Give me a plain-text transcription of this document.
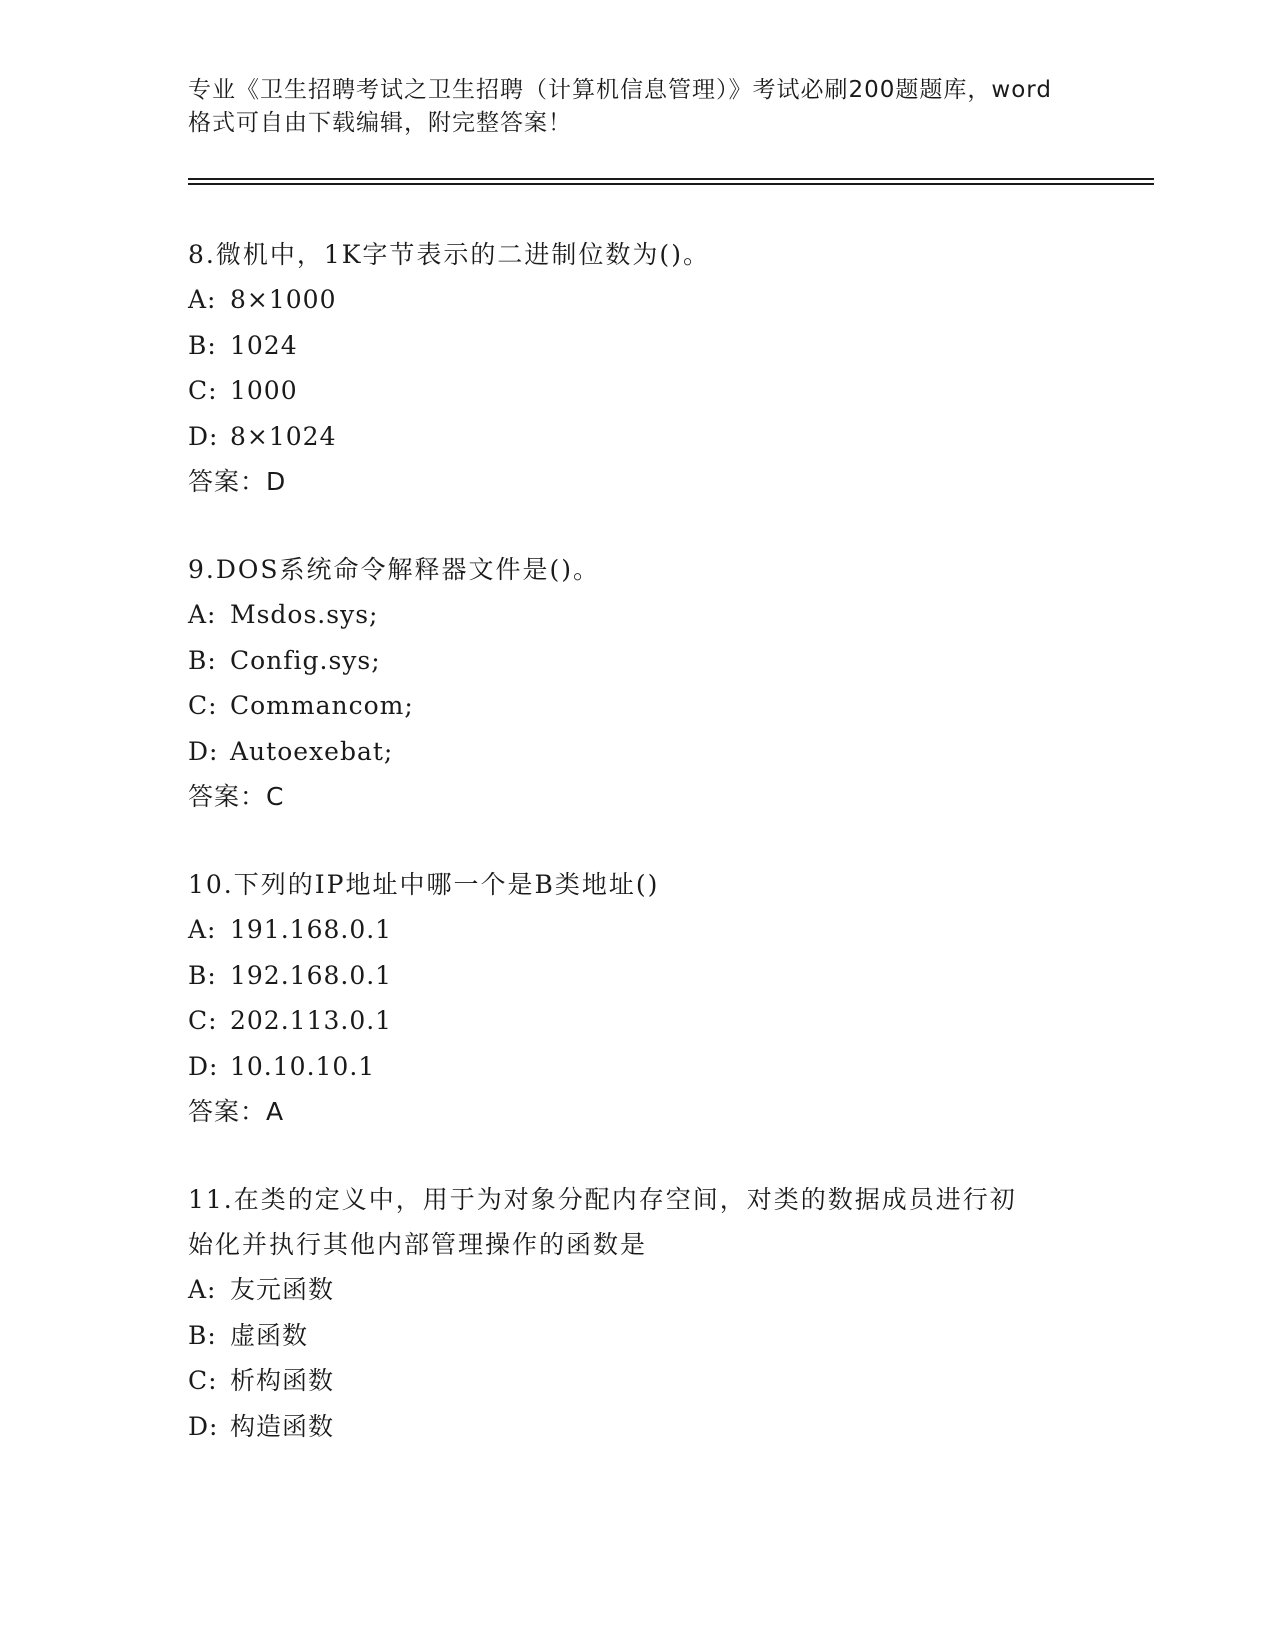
专业《卫生招聘考试之卫生招聘（计算机信息管理）》考试必刷200题题库，word
格式可自由下载编辑，附完整答案！
8.微机中，1K字节表示的二进制位数为()。
A: 8×1000
B: 1024
C: 1000
D: 8×1024
答案：D
9.DOS系统命令解释器文件是()。
A: Msdos.sys;
B: Config.sys;
C: Commancom;
D: Autoexebat;
答案：C
10.下列的IP地址中哪一个是B类地址()
A: 191.168.0.1
B: 192.168.0.1
C: 202.113.0.1
D: 10.10.10.1
答案：A
11.在类的定义中，用于为对象分配内存空间，对类的数据成员进行初
始化并执行其他内部管理操作的函数是
A: 友元函数
B: 虚函数
C: 析构函数
D: 构造函数
